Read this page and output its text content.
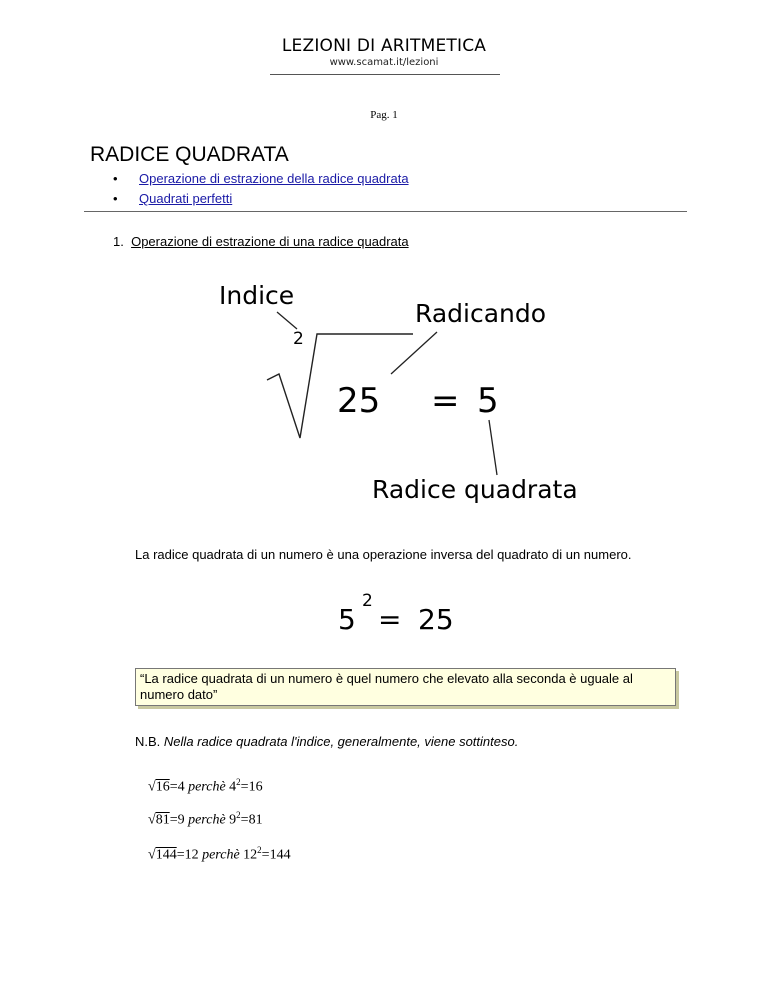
LEZIONI DI ARITMETICA
www.scamat.it/lezioni
Pag. 1
RADICE QUADRATA
• Operazione di estrazione della radice quadrata
• Quadrati perfetti
1. Operazione di estrazione di una radice quadrata
Indice
2
Radicando
25 = 5
Radice quadrata
La radice quadrata di un numero è una operazione inversa del quadrato di un numero.
5
2
= 25
“La radice quadrata di un numero è quel numero che elevato alla seconda è uguale al numero dato”
N.B. Nella radice quadrata l'indice, generalmente, viene sottinteso.
√16=4 perchè $4^2=16$
√81=9 perchè $9^2=81$
√144=12 perchè $12^2=144$
